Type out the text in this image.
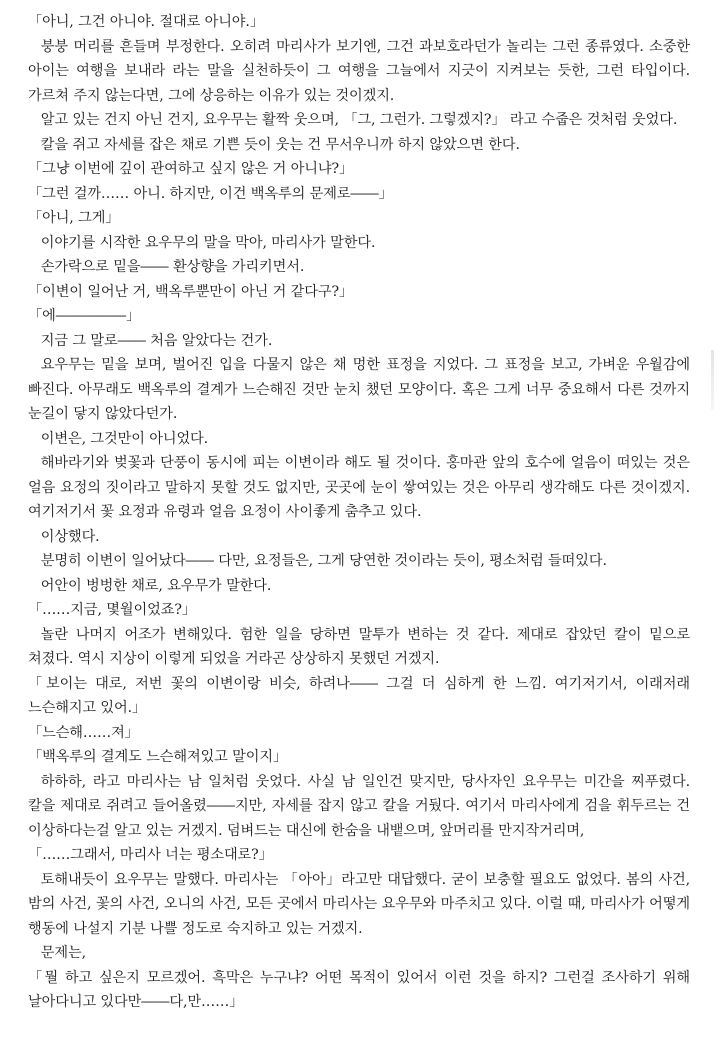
「아니, 그건 아니야. 절대로 아니야.」

붕붕 머리를 흔들며 부정한다. 오히려 마리사가 보기엔, 그건 과보호라던가 놀리는 그런 종류였다. 소중한 아이는 여행을 보내라 라는 말을 실천하듯이 그 여행을 그늘에서 지긋이 지켜보는 듯한, 그런 타입이다. 가르쳐 주지 않는다면, 그에 상응하는 이유가 있는 것이겠지.

알고 있는 건지 아닌 건지, 요우무는 활짝 웃으며, 「그, 그런가. 그렇겠지?」 라고 수줍은 것처럼 웃었다.

칼을 쥐고 자세를 잡은 채로 기쁜 듯이 웃는 건 무서우니까 하지 않았으면 한다.

「그냥 이번에 깊이 관여하고 싶지 않은 거 아니냐?」

「그런 걸까…… 아니. 하지만, 이건 백옥루의 문제로――」

「아니, 그게」

이야기를 시작한 요우무의 말을 막아, 마리사가 말한다.

손가락으로 밑을―― 환상향을 가리키면서.

「이변이 일어난 거, 백옥루뿐만이 아닌 거 같다구?」

「에―――――」

지금 그 말로―― 처음 알았다는 건가.

요우무는 밑을 보며, 벌어진 입을 다물지 않은 채 멍한 표정을 지었다. 그 표정을 보고, 가벼운 우월감에 빠진다. 아무래도 백옥루의 결계가 느슨해진 것만 눈치 챘던 모양이다. 혹은 그게 너무 중요해서 다른 것까지 눈길이 닿지 않았다던가.

이변은, 그것만이 아니었다.

해바라기와 벚꽃과 단풍이 동시에 피는 이변이라 해도 될 것이다. 홍마관 앞의 호수에 얼음이 떠있는 것은 얼음 요정의 짓이라고 말하지 못할 것도 없지만, 곳곳에 눈이 쌓여있는 것은 아무리 생각해도 다른 것이겠지. 여기저기서 꽃 요정과 유령과 얼음 요정이 사이좋게 춤추고 있다.

이상했다.

분명히 이변이 일어났다―― 다만, 요정들은, 그게 당연한 것이라는 듯이, 평소처럼 들떠있다.

어안이 벙벙한 채로, 요우무가 말한다.

「……지금, 몇월이었죠?」

놀란 나머지 어조가 변해있다. 험한 일을 당하면 말투가 변하는 것 같다. 제대로 잡았던 칼이 밑으로 쳐졌다. 역시 지상이 이렇게 되었을 거라곤 상상하지 못했던 거겠지.

「보이는 대로, 저번 꽃의 이변이랑 비슷, 하려나―― 그걸 더 심하게 한 느낌. 여기저기서, 이래저래 느슨해지고 있어.」

「느슨해……져」

「백옥루의 결계도 느슨해져있고 말이지」

하하하, 라고 마리사는 남 일처럼 웃었다. 사실 남 일인건 맞지만, 당사자인 요우무는 미간을 찌푸렸다. 칼을 제대로 쥐려고 들어올렸――지만, 자세를 잡지 않고 칼을 거뒀다. 여기서 마리사에게 검을 휘두르는 건 이상하다는걸 알고 있는 거겠지. 덤벼드는 대신에 한숨을 내뱉으며, 앞머리를 만지작거리며,

「……그래서, 마리사 너는 평소대로?」

토해내듯이 요우무는 말했다. 마리사는 「아아」라고만 대답했다. 굳이 보충할 필요도 없었다. 봄의 사건, 밤의 사건, 꽃의 사건, 오니의 사건, 모든 곳에서 마리사는 요우무와 마주치고 있다. 이럴 때, 마리사가 어떻게 행동에 나설지 기분 나쁠 정도로 숙지하고 있는 거겠지.

문제는,

「뭘 하고 싶은지 모르겠어. 흑막은 누구냐? 어떤 목적이 있어서 이런 것을 하지? 그런걸 조사하기 위해 날아다니고 있다만――다,만……」
